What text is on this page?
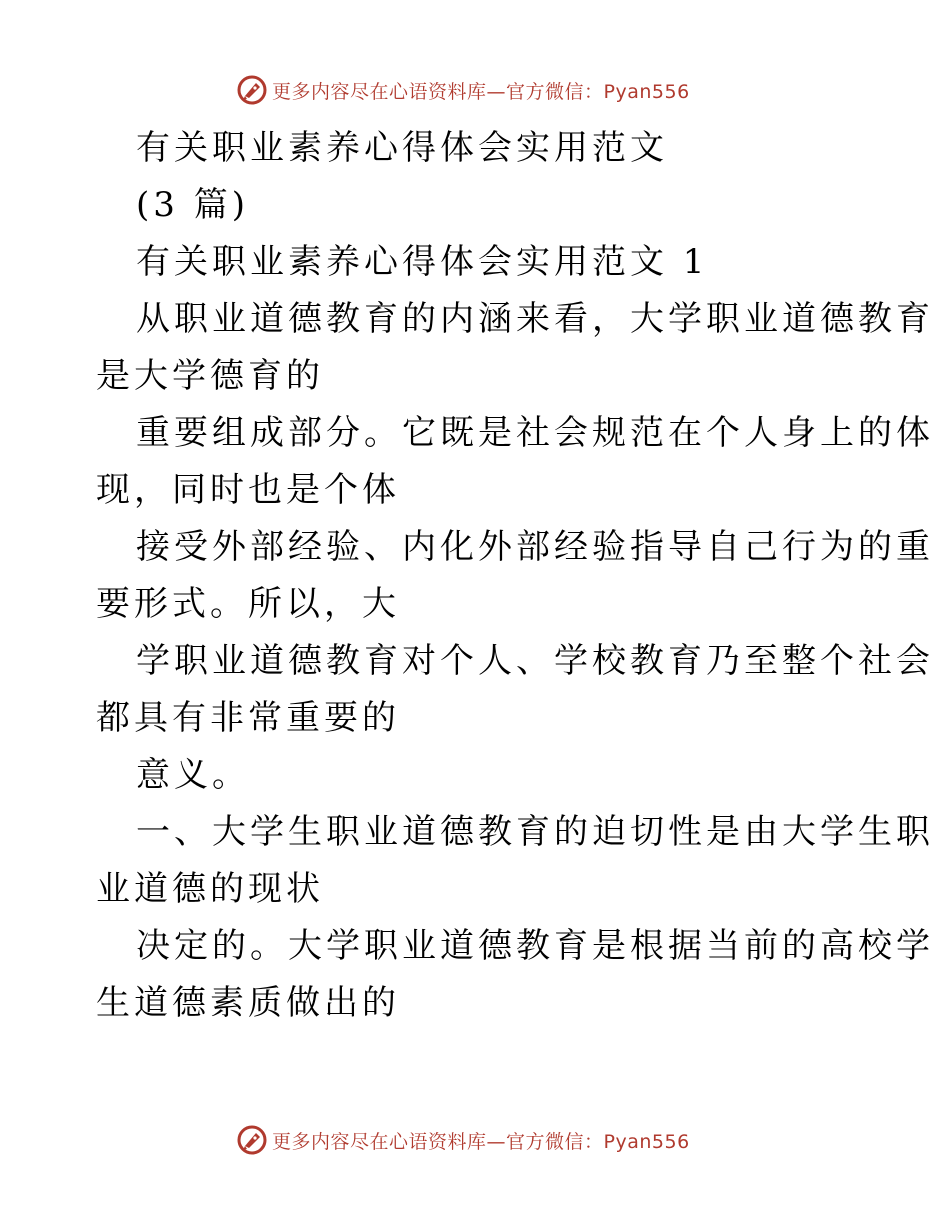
更多内容尽在心语资料库—官方微信：Pyan556
有关职业素养心得体会实用范文
(3 篇)
有关职业素养心得体会实用范文 1
从职业道德教育的内涵来看，大学职业道德教育
是大学德育的
重要组成部分。它既是社会规范在个人身上的体
现，同时也是个体
接受外部经验、内化外部经验指导自己行为的重
要形式。所以，大
学职业道德教育对个人、学校教育乃至整个社会
都具有非常重要的
意义。
一、大学生职业道德教育的迫切性是由大学生职
业道德的现状
决定的。大学职业道德教育是根据当前的高校学
生道德素质做出的
更多内容尽在心语资料库—官方微信：Pyan556
